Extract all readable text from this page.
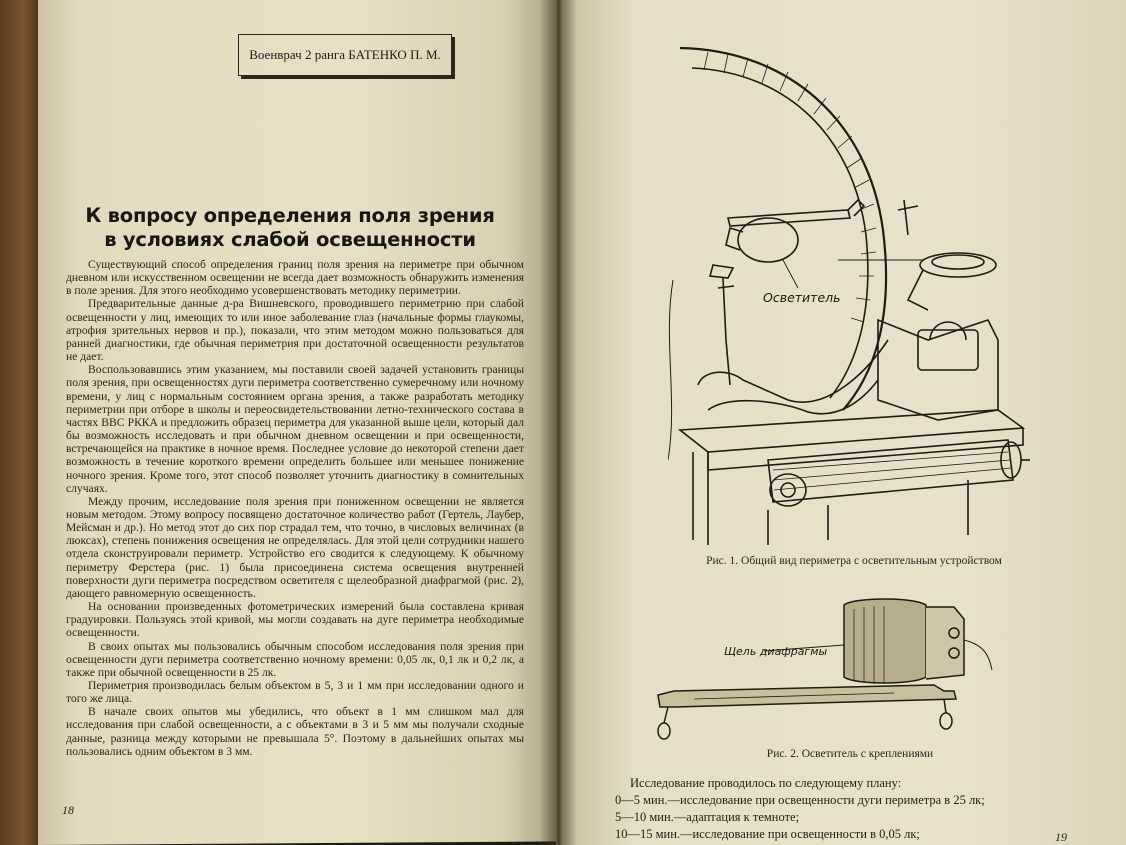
Военврач 2 ранга БАТЕНКО П. М.
К вопросу определения поля зрения
в условиях слабой освещенности

Существующий способ определения границ поля зрения на периметре при обычном дневном или искусственном освещении не всегда дает возможность обнаружить изменения в поле зрения. Для этого необходимо усовершенствовать методику периметрии.

Предварительные данные д-ра Вишневского, проводившего периметрию при слабой освещенности у лиц, имеющих то или иное заболевание глаз (начальные формы глаукомы, атрофия зрительных нервов и пр.), показали, что этим методом можно пользоваться для ранней диагностики, где обычная периметрия при достаточной освещенности результатов не дает.

Воспользовавшись этим указанием, мы поставили своей задачей установить границы поля зрения, при освещенностях дуги периметра соответственно сумеречному или ночному времени, у лиц с нормальным состоянием органа зрения, а также разработать методику периметрии при отборе в школы и переосвидетельствовании летно-технического состава в частях ВВС РККА и предложить образец периметра для указанной выше цели, который дал бы возможность исследовать и при обычном дневном освещении и при освещенности, встречающейся на практике в ночное время. Последнее условие до некоторой степени дает возможность в течение короткого времени определить большее или меньшее понижение ночного зрения. Кроме того, этот способ позволяет уточнить диагностику в сомнительных случаях.

Между прочим, исследование поля зрения при пониженном освещении не является новым методом. Этому вопросу посвящено достаточное количество работ (Гертель, Лаубер, Мейсман и др.). Но метод этот до сих пор страдал тем, что точно, в числовых величинах (в люксах), степень понижения освещения не определялась. Для этой цели сотрудники нашего отдела сконструировали периметр. Устройство его сводится к следующему. К обычному периметру Ферстера (рис. 1) была присоединена система освещения внутренней поверхности дуги периметра посредством осветителя с щелеобразной диафрагмой (рис. 2), дающего равномерную освещенность.

На основании произведенных фотометрических измерений была составлена кривая градуировки. Пользуясь этой кривой, мы могли создавать на дуге периметра необходимые освещенности.

В своих опытах мы пользовались обычным способом исследования поля зрения при освещенности дуги периметра соответственно ночному времени: 0,05 лк, 0,1 лк и 0,2 лк, а также при обычной освещенности в 25 лк.

Периметрия производилась белым объектом в 5, 3 и 1 мм при исследовании одного и того же лица.

В начале своих опытов мы убедились, что объект в 1 мм слишком мал для исследования при слабой освещенности, а с объектами в 3 и 5 мм мы получали сходные данные, разница между которыми не превышала 5°. Поэтому в дальнейших опытах мы пользовались одним объектом в 3 мм.

18
Осветитель
Рис. 1. Общий вид периметра с осветительным устройством
Щель диафрагмы
Рис. 2. Осветитель с креплениями
Исследование проводилось по следующему плану:
0—5 мин.—исследование при освещенности дуги периметра в 25 лк;
5—10 мин.—адаптация к темноте;
10—15 мин.—исследование при освещенности в 0,05 лк;	19
